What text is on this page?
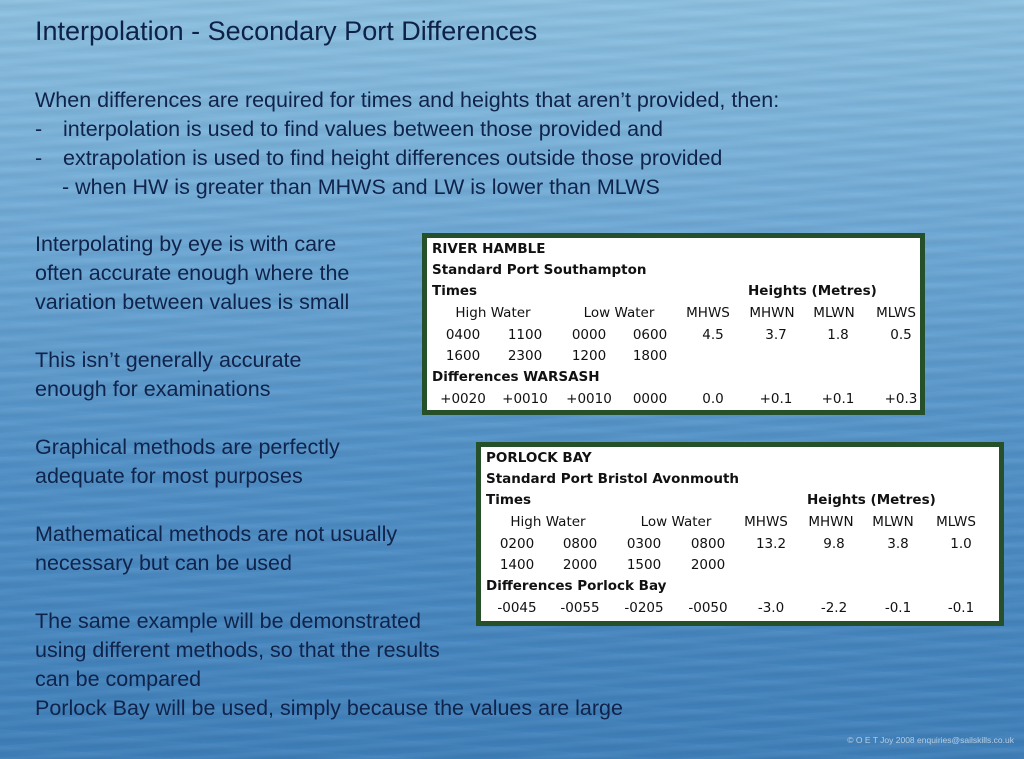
Interpolation - Secondary Port Differences
When differences are required for times and heights that aren’t provided, then:
- interpolation is used to find values between those provided and
- extrapolation is used to find height differences outside those provided
- when HW is greater than MHWS and LW is lower than MLWS
Interpolating by eye is with care
often accurate enough where the
variation between values is small
This isn’t generally accurate
enough for examinations
Graphical methods are perfectly
adequate for most purposes
Mathematical methods are not usually
necessary but can be used
The same example will be demonstrated
using different methods, so that the results
can be compared
Porlock Bay will be used, simply because the values are large
RIVER HAMBLE
Standard Port Southampton
Times	Heights (Metres)
High Water	Low Water	MHWS	MHWN	MLWN	MLWS
0400	1100	0000	0600	4.5	3.7	1.8	0.5
1600	2300	1200	1800
Differences WARSASH
+0020	+0010	+0010	0000	0.0	+0.1	+0.1	+0.3
PORLOCK BAY
Standard Port Bristol Avonmouth
Times	Heights (Metres)
High Water	Low Water	MHWS	MHWN	MLWN	MLWS
0200	0800	0300	0800	13.2	9.8	3.8	1.0
1400	2000	1500	2000
Differences Porlock Bay
-0045	-0055	-0205	-0050	-3.0	-2.2	-0.1	-0.1
© O E T Joy 2008 enquiries@sailskills.co.uk
